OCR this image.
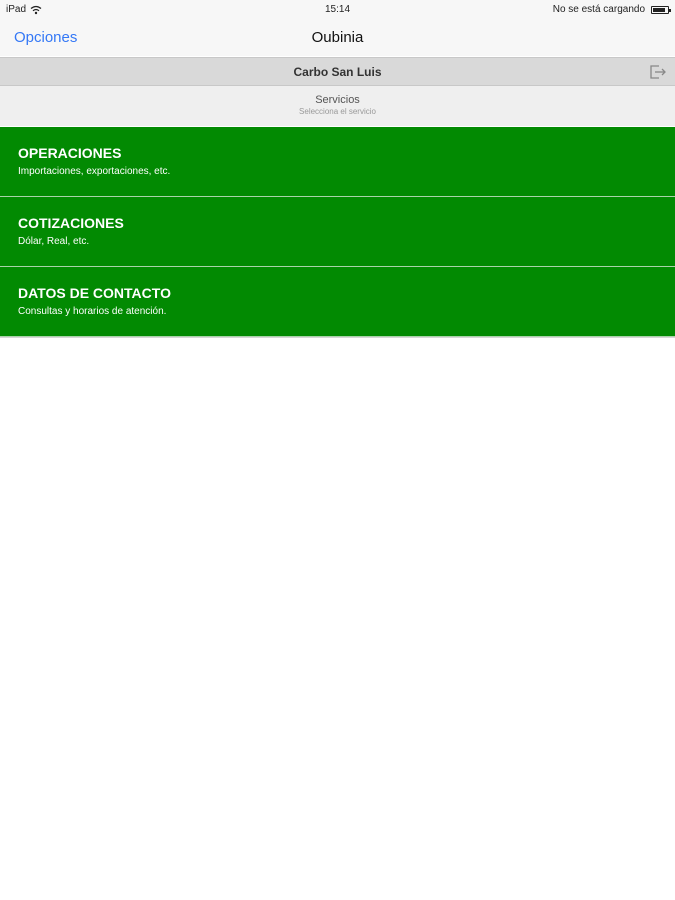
iPad	15:14	No se está cargando
Opciones	Oubinia
Carbo San Luis
Servicios
Selecciona el servicio
OPERACIONES
Importaciones, exportaciones, etc.
COTIZACIONES
Dólar, Real, etc.
DATOS DE CONTACTO
Consultas y horarios de atención.
